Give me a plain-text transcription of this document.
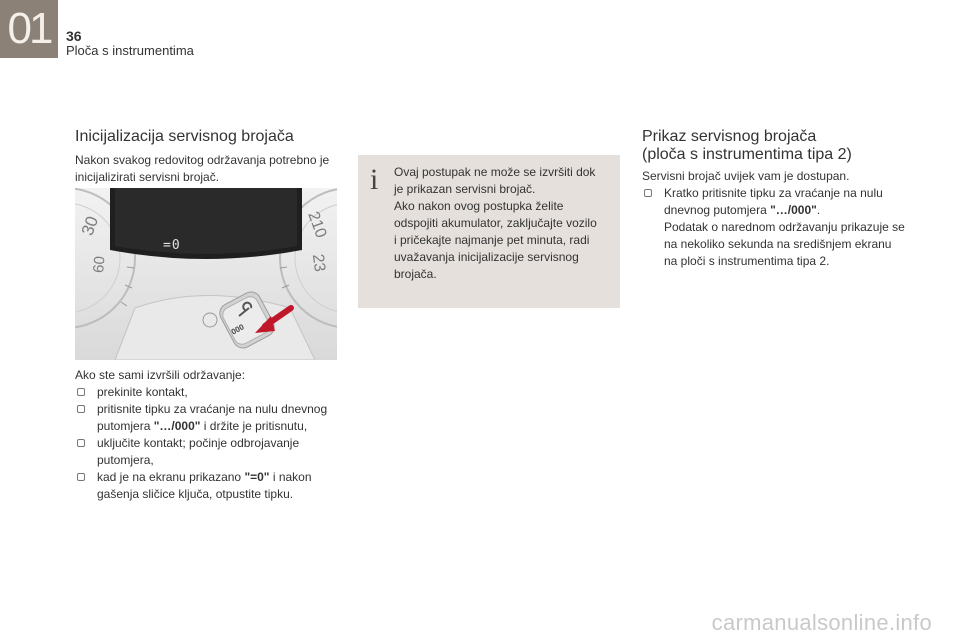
01	36
Ploča s instrumentima
Inicijalizacija servisnog brojača
Nakon svakog redovitog održavanja potrebno je inicijalizirati servisni brojač.
=0
000
30
60
210
23
Ako ste sami izvršili održavanje:
prekinite kontakt,
pritisnite tipku za vraćanje na nulu dnevnog putomjera "…/000" i držite je pritisnutu,
uključite kontakt; počinje odbrojavanje putomjera,
kad je na ekranu prikazano "=0" i nakon gašenja sličice ključa, otpustite tipku.
i Ovaj postupak ne može se izvršiti dok
je prikazan servisni brojač.
Ako nakon ovog postupka želite
odspojiti akumulator, zaključajte vozilo
i pričekajte najmanje pet minuta, radi
uvažavanja inicijalizacije servisnog
brojača.
Prikaz servisnog brojača
(ploča s instrumentima tipa 2)
Servisni brojač uvijek vam je dostupan.
Kratko pritisnite tipku za vraćanje na nulu dnevnog putomjera "…/000".
Podatak o narednom održavanju prikazuje se na nekoliko sekunda na središnjem ekranu na ploči s instrumentima tipa 2.
carmanualsonline.info
